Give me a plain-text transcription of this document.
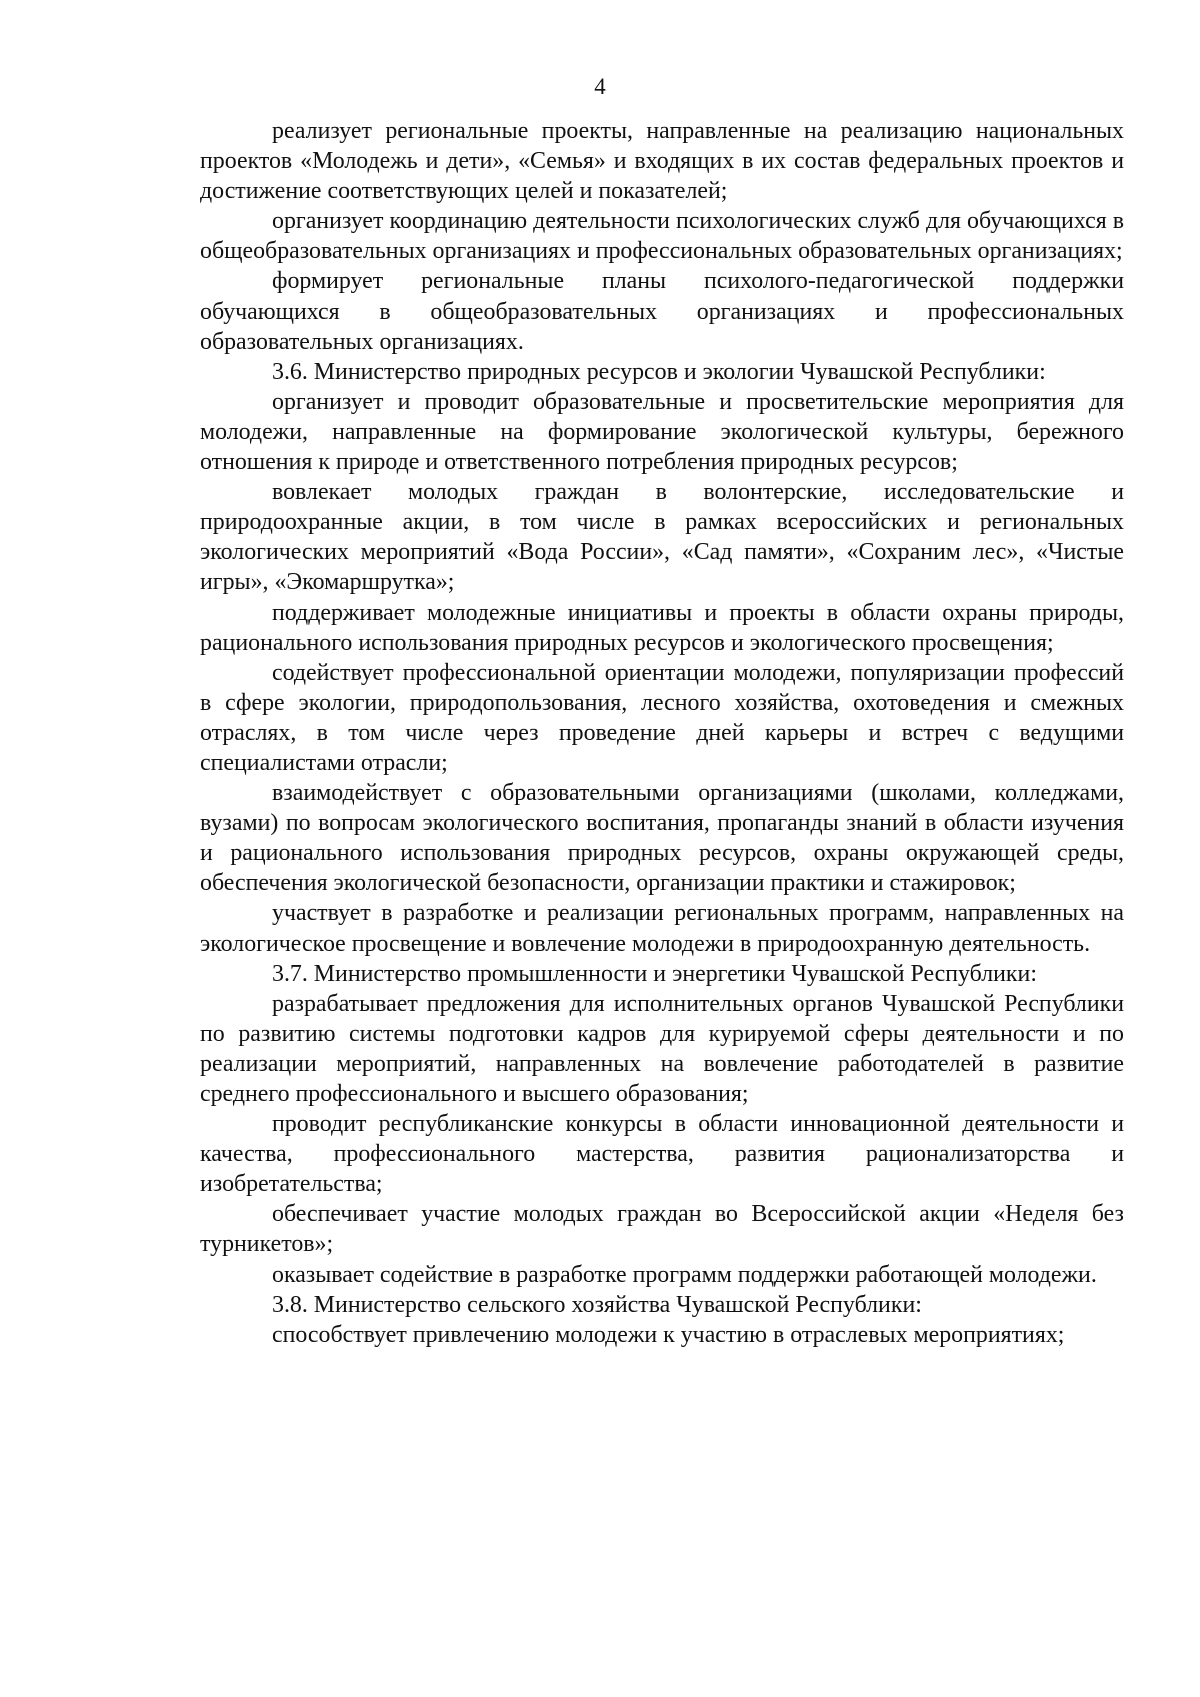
4

реализует региональные проекты, направленные на реализацию национальных проектов «Молодежь и дети», «Семья» и входящих в их состав федеральных проектов и достижение соответствующих целей и показателей;

организует координацию деятельности психологических служб для обучающихся в общеобразовательных организациях и профессиональных образовательных организациях;

формирует региональные планы психолого-педагогической поддержки обучающихся в общеобразовательных организациях и профессиональных образовательных организациях.

3.6. Министерство природных ресурсов и экологии Чувашской Республики:

организует и проводит образовательные и просветительские мероприятия для молодежи, направленные на формирование экологической культуры, бережного отношения к природе и ответственного потребления природных ресурсов;

вовлекает молодых граждан в волонтерские, исследовательские и природоохранные акции, в том числе в рамках всероссийских и региональных экологических мероприятий «Вода России», «Сад памяти», «Сохраним лес», «Чистые игры», «Экомаршрутка»;

поддерживает молодежные инициативы и проекты в области охраны природы, рационального использования природных ресурсов и экологического просвещения;

содействует профессиональной ориентации молодежи, популяризации профессий в сфере экологии, природопользования, лесного хозяйства, охотоведения и смежных отраслях, в том числе через проведение дней карьеры и встреч с ведущими специалистами отрасли;

взаимодействует с образовательными организациями (школами, колледжами, вузами) по вопросам экологического воспитания, пропаганды знаний в области изучения и рационального использования природных ресурсов, охраны окружающей среды, обеспечения экологической безопасности, организации практики и стажировок;

участвует в разработке и реализации региональных программ, направленных на экологическое просвещение и вовлечение молодежи в природоохранную деятельность.

3.7. Министерство промышленности и энергетики Чувашской Республики:

разрабатывает предложения для исполнительных органов Чувашской Республики по развитию системы подготовки кадров для курируемой сферы деятельности и по реализации мероприятий, направленных на вовлечение работодателей в развитие среднего профессионального и высшего образования;

проводит республиканские конкурсы в области инновационной деятельности и качества, профессионального мастерства, развития рационализаторства и изобретательства;

обеспечивает участие молодых граждан во Всероссийской акции «Неделя без турникетов»;

оказывает содействие в разработке программ поддержки работающей молодежи.

3.8. Министерство сельского хозяйства Чувашской Республики:

способствует привлечению молодежи к участию в отраслевых мероприятиях;
